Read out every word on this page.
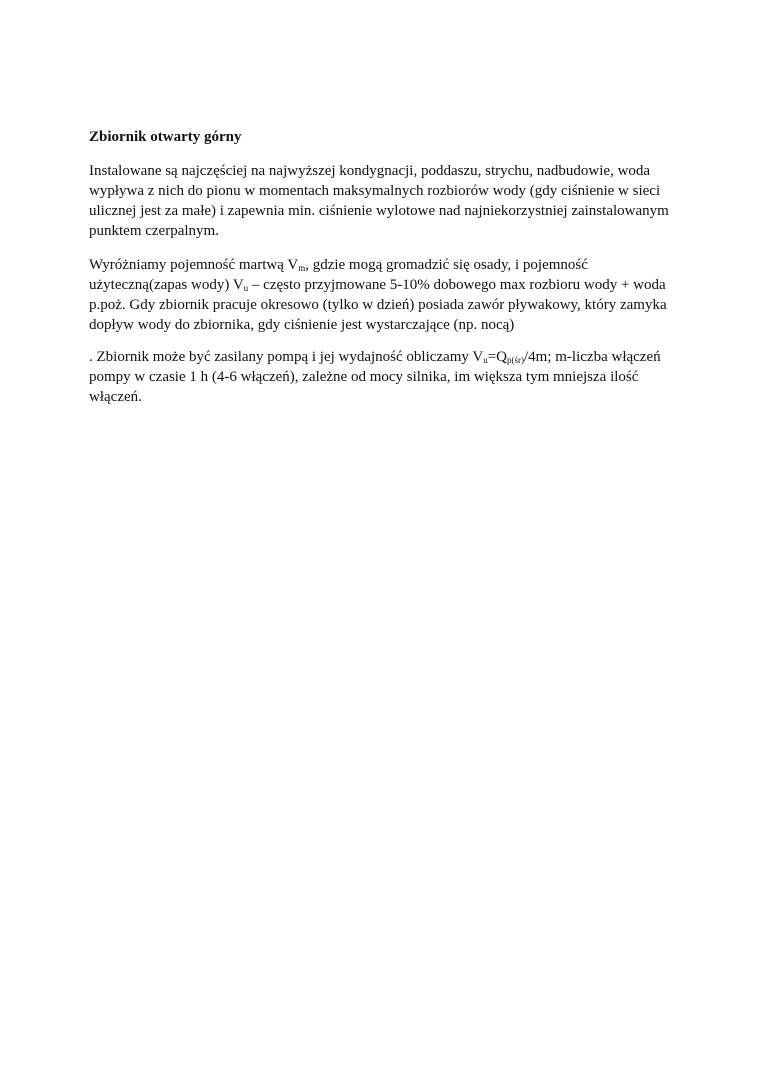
Zbiornik otwarty górny

Instalowane są najczęściej na najwyższej kondygnacji, poddaszu, strychu, nadbudowie, woda wypływa z nich do pionu w momentach maksymalnych rozbiorów wody (gdy ciśnienie w sieci ulicznej jest za małe) i zapewnia min. ciśnienie wylotowe nad najniekorzystniej zainstalowanym punktem czerpalnym.

Wyróżniamy pojemność martwą $V_m$, gdzie mogą gromadzić się osady, i pojemność użyteczną(zapas wody) $V_u$ – często przyjmowane 5-10% dobowego max rozbioru wody + woda p.poż. Gdy zbiornik pracuje okresowo (tylko w dzień) posiada zawór pływakowy, który zamyka dopływ wody do zbiornika, gdy ciśnienie jest wystarczające (np. nocą)

. Zbiornik może być zasilany pompą i jej wydajność obliczamy $V_u=Q_{p(śr)}/4m$; m-liczba włączeń pompy w czasie 1 h (4-6 włączeń), zależne od mocy silnika, im większa tym mniejsza ilość włączeń.
